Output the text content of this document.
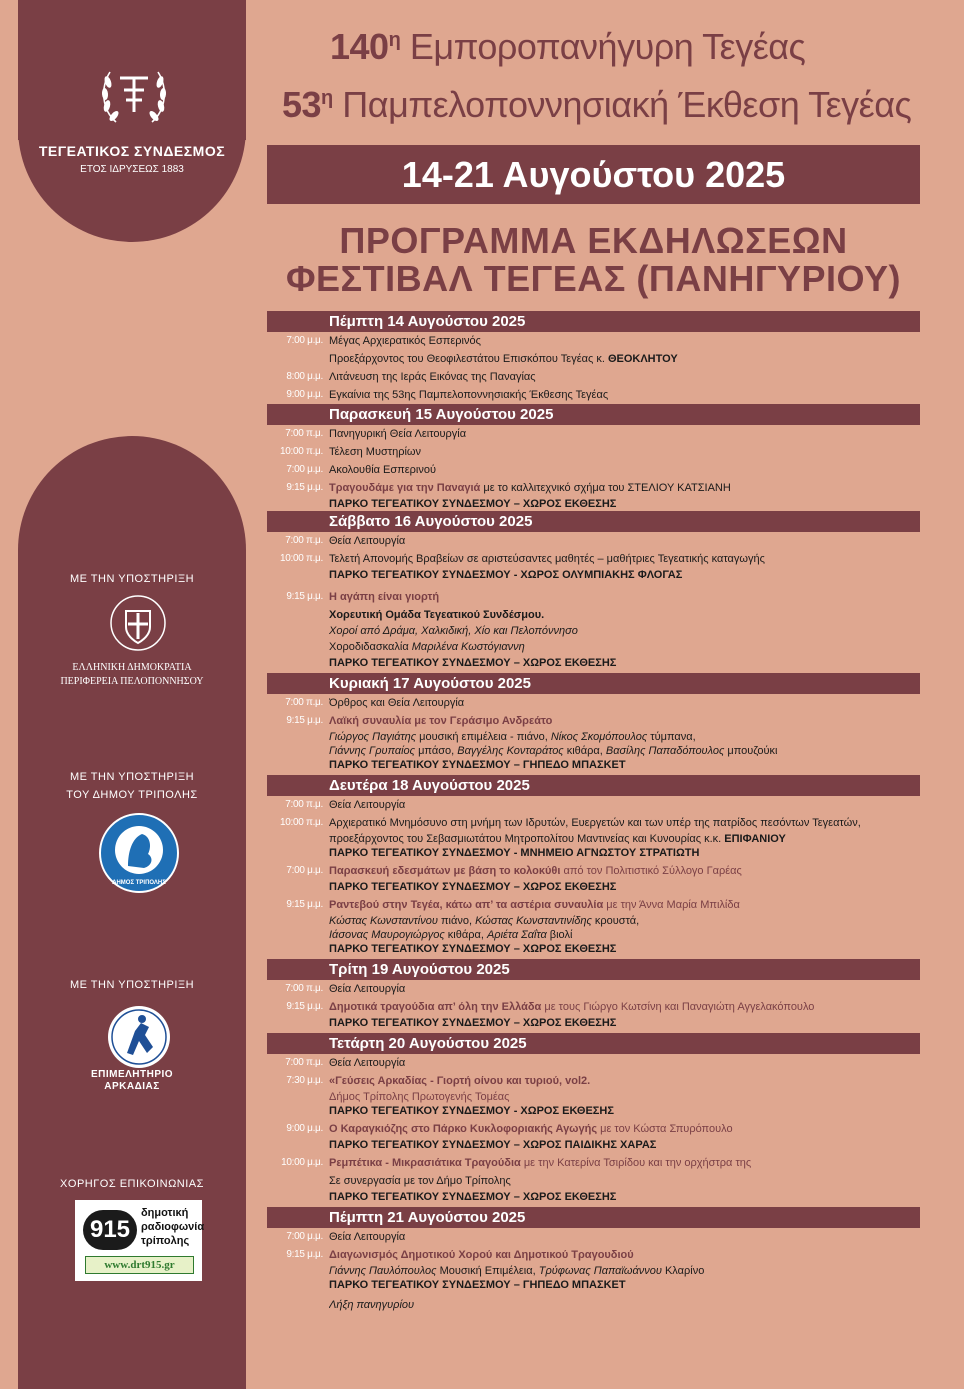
ΤΕΓΕΑΤΙΚΟΣ ΣΥΝΔΕΣΜΟΣ
ΕΤΟΣ ΙΔΡΥΣΕΩΣ 1883
ΜΕ ΤΗΝ ΥΠΟΣΤΗΡΙΞΗ
ΕΛΛΗΝΙΚΗ ΔΗΜΟΚΡΑΤΙΑ
ΠΕΡΙΦΕΡΕΙΑ ΠΕΛΟΠΟΝΝΗΣΟΥ
ΜΕ ΤΗΝ ΥΠΟΣΤΗΡΙΞΗ
ΤΟΥ ΔΗΜΟΥ ΤΡΙΠΟΛΗΣ
ΔΗΜΟΣ ΤΡΙΠΟΛΗΣ
ΜΕ ΤΗΝ ΥΠΟΣΤΗΡΙΞΗ
ΕΠΙΜΕΛΗΤΗΡΙΟ
ΑΡΚΑΔΙΑΣ
ΧΟΡΗΓΟΣ ΕΠΙΚΟΙΝΩΝΙΑΣ
915
δημοτική
ραδιοφωνία
τρίπολης
www.drt915.gr
$140^\eta$ Εμποροπανήγυρη Τεγέας
$53^\eta$ Παμπελοποννησιακή Έκθεση Τεγέας
14-21 Αυγούστου 2025
ΠΡΟΓΡΑΜΜΑ ΕΚΔΗΛΩΣΕΩΝ
ΦΕΣΤΙΒΑΛ ΤΕΓΕΑΣ (ΠΑΝΗΓΥΡΙΟΥ)
Πέμπτη 14 Αυγούστου 2025
7:00 μ.μ. Μέγας Αρχιερατικός Εσπερινός
Προεξάρχοντος του Θεοφιλεστάτου Επισκόπου Τεγέας κ. ΘΕΟΚΛΗΤΟΥ
8:00 μ.μ. Λιτάνευση της Ιεράς Εικόνας της Παναγίας
9:00 μ.μ. Εγκαίνια της 53ης Παμπελοποννησιακής Έκθεσης Τεγέας
Παρασκευή 15 Αυγούστου 2025
7:00 π.μ. Πανηγυρική Θεία Λειτουργία
10:00 π.μ. Τέλεση Μυστηρίων
7:00 μ.μ. Ακολουθία Εσπερινού
9:15 μ.μ. Τραγουδάμε για την Παναγιά με το καλλιτεχνικό σχήμα του ΣΤΕΛΙΟΥ ΚΑΤΣΙΑΝΗ
ΠΑΡΚΟ ΤΕΓΕΑΤΙΚΟΥ ΣΥΝΔΕΣΜΟΥ – ΧΩΡΟΣ ΕΚΘΕΣΗΣ
Σάββατο 16 Αυγούστου 2025
7:00 π.μ. Θεία Λειτουργία
10:00 π.μ. Τελετή Απονομής Βραβείων σε αριστεύσαντες μαθητές – μαθήτριες Τεγεατικής καταγωγής
ΠΑΡΚΟ ΤΕΓΕΑΤΙΚΟΥ ΣΥΝΔΕΣΜΟΥ - ΧΩΡΟΣ ΟΛΥΜΠΙΑΚΗΣ ΦΛΟΓΑΣ
9:15 μ.μ. Η αγάπη είναι γιορτή
Χορευτική Ομάδα Τεγεατικού Συνδέσμου.
Χοροί από Δράμα, Χαλκιδική, Χίο και Πελοπόννησο
Χοροδιδασκαλία Μαριλένα Κωστόγιαννη
ΠΑΡΚΟ ΤΕΓΕΑΤΙΚΟΥ ΣΥΝΔΕΣΜΟΥ – ΧΩΡΟΣ ΕΚΘΕΣΗΣ
Κυριακή 17 Αυγούστου 2025
7:00 π.μ. Όρθρος και Θεία Λειτουργία
9:15 μ.μ. Λαϊκή συναυλία με τον Γεράσιμο Ανδρεάτο
Γιώργος Παγιάτης μουσική επιμέλεια - πιάνο, Νίκος Σκομόπουλος τύμπανα,
Γιάννης Γρυπαίος μπάσο, Βαγγέλης Κονταράτος κιθάρα, Βασίλης Παπαδόπουλος μπουζούκι
ΠΑΡΚΟ ΤΕΓΕΑΤΙΚΟΥ ΣΥΝΔΕΣΜΟΥ – ΓΗΠΕΔΟ ΜΠΑΣΚΕΤ
Δευτέρα 18 Αυγούστου 2025
7:00 π.μ. Θεία Λειτουργία
10:00 π.μ. Αρχιερατικό Μνημόσυνο στη μνήμη των Ιδρυτών, Ευεργετών και των υπέρ της πατρίδος πεσόντων Τεγεατών,
προεξάρχοντος του Σεβασμιωτάτου Μητροπολίτου Μαντινείας και Κυνουρίας κ.κ. ΕΠΙΦΑΝΙΟΥ
ΠΑΡΚΟ ΤΕΓΕΑΤΙΚΟΥ ΣΥΝΔΕΣΜΟΥ - ΜΝΗΜΕΙΟ ΑΓΝΩΣΤΟΥ ΣΤΡΑΤΙΩΤΗ
7:00 μ.μ. Παρασκευή εδεσμάτων με βάση το κολοκύθι από τον Πολιτιστικό Σύλλογο Γαρέας
ΠΑΡΚΟ ΤΕΓΕΑΤΙΚΟΥ ΣΥΝΔΕΣΜΟΥ – ΧΩΡΟΣ ΕΚΘΕΣΗΣ
9:15 μ.μ. Ραντεβού στην Τεγέα, κάτω απ’ τα αστέρια συναυλία με την Άννα Μαρία Μπιλίδα
Κώστας Κωνσταντίνου πιάνο, Κώστας Κωνσταντινίδης κρουστά,
Ιάσονας Μαυρογιώργος κιθάρα, Αριέτα Σαΐτα βιολί
ΠΑΡΚΟ ΤΕΓΕΑΤΙΚΟΥ ΣΥΝΔΕΣΜΟΥ – ΧΩΡΟΣ ΕΚΘΕΣΗΣ
Τρίτη 19 Αυγούστου 2025
7:00 π.μ. Θεία Λειτουργία
9:15 μ.μ. Δημοτικά τραγούδια απ’ όλη την Ελλάδα με τους Γιώργο Κωτσίνη και Παναγιώτη Αγγελακόπουλο
ΠΑΡΚΟ ΤΕΓΕΑΤΙΚΟΥ ΣΥΝΔΕΣΜΟΥ – ΧΩΡΟΣ ΕΚΘΕΣΗΣ
Τετάρτη 20 Αυγούστου 2025
7:00 π.μ. Θεία Λειτουργία
7:30 μ.μ. «Γεύσεις Αρκαδίας - Γιορτή οίνου και τυριού, vol2.
Δήμος Τρίπολης Πρωτογενής Τομέας
ΠΑΡΚΟ ΤΕΓΕΑΤΙΚΟΥ ΣΥΝΔΕΣΜΟΥ - ΧΩΡΟΣ ΕΚΘΕΣΗΣ
9:00 μ.μ. Ο Καραγκιόζης στο Πάρκο Κυκλοφοριακής Αγωγής με τον Κώστα Σπυρόπουλο
ΠΑΡΚΟ ΤΕΓΕΑΤΙΚΟΥ ΣΥΝΔΕΣΜΟΥ – ΧΩΡΟΣ ΠΑΙΔΙΚΗΣ ΧΑΡΑΣ
10:00 μ.μ. Ρεμπέτικα - Μικρασιάτικα Τραγούδια με την Κατερίνα Τσιρίδου και την ορχήστρα της
Σε συνεργασία με τον Δήμο Τρίπολης
ΠΑΡΚΟ ΤΕΓΕΑΤΙΚΟΥ ΣΥΝΔΕΣΜΟΥ – ΧΩΡΟΣ ΕΚΘΕΣΗΣ
Πέμπτη 21 Αυγούστου 2025
7:00 μ.μ. Θεία Λειτουργία
9:15 μ.μ. Διαγωνισμός Δημοτικού Χορού και Δημοτικού Τραγουδιού
Γιάννης Παυλόπουλος Μουσική Επιμέλεια, Τρύφωνας Παπαϊωάννου Κλαρίνο
ΠΑΡΚΟ ΤΕΓΕΑΤΙΚΟΥ ΣΥΝΔΕΣΜΟΥ – ΓΗΠΕΔΟ ΜΠΑΣΚΕΤ
Λήξη πανηγυρίου
